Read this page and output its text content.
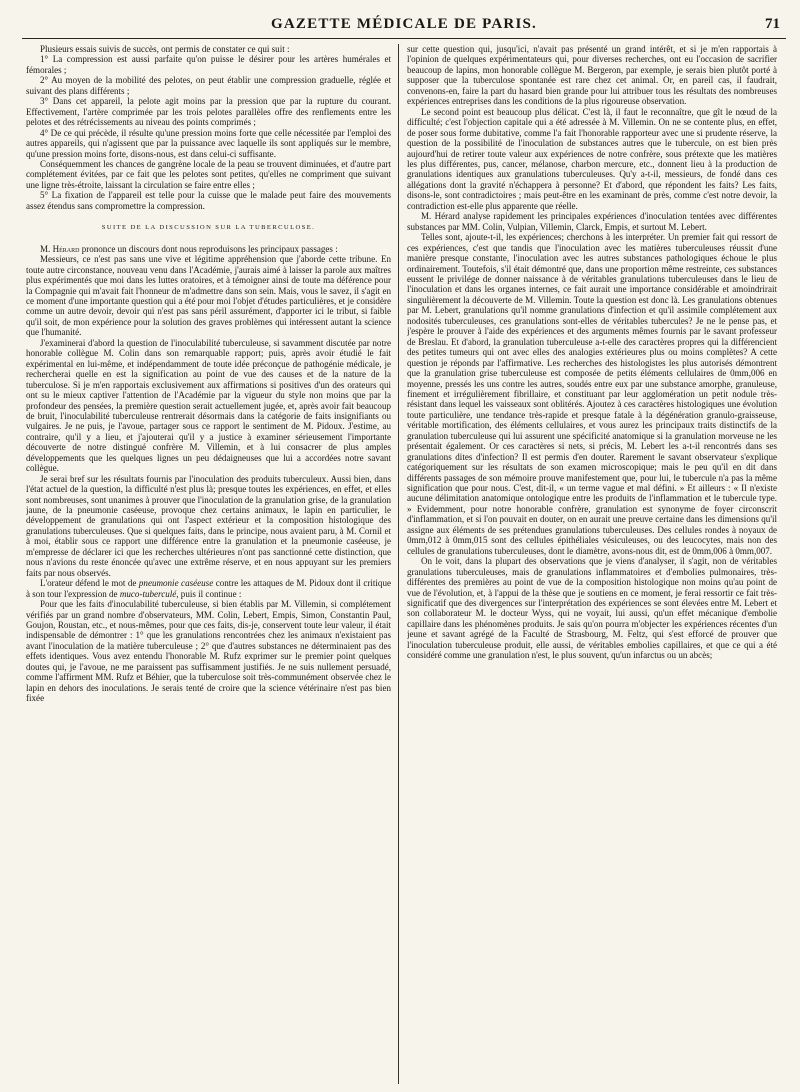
GAZETTE MÉDICALE DE PARIS.	71

Plusieurs essais suivis de succès, ont permis de constater ce qui suit :

1° La compression est aussi parfaite qu'on puisse le désirer pour les artères humérales et fémorales ;

2° Au moyen de la mobilité des pelotes, on peut établir une compression graduelle, réglée et suivant des plans différents ;

3° Dans cet appareil, la pelote agit moins par la pression que par la rupture du courant. Effectivement, l'artère comprimée par les trois pelotes parallèles offre des renflements entre les pelotes et des rétrécissements au niveau des points comprimés ;

4° De ce qui précède, il résulte qu'une pression moins forte que celle nécessitée par l'emploi des autres appareils, qui n'agissent que par la puissance avec laquelle ils sont appliqués sur le membre, qu'une pression moins forte, disons-nous, est dans celui-ci suffisante.

Conséquemment les chances de gangrène locale de la peau se trouvent diminuées, et d'autre part complétement évitées, par ce fait que les pelotes sont petites, qu'elles ne compriment que suivant une ligne très-étroite, laissant la circulation se faire entre elles ;

5° La fixation de l'appareil est telle pour la cuisse que le malade peut faire des mouvements assez étendus sans compromettre la compression.

SUITE DE LA DISCUSSION SUR LA TUBERCULOSE.

M. Hérard prononce un discours dont nous reproduisons les principaux passages :

Messieurs, ce n'est pas sans une vive et légitime appréhension que j'aborde cette tribune. En toute autre circonstance, nouveau venu dans l'Académie, j'aurais aimé à laisser la parole aux maîtres plus expérimentés que moi dans les luttes oratoires, et à témoigner ainsi de toute ma déférence pour la Compagnie qui m'avait fait l'honneur de m'admettre dans son sein. Mais, vous le savez, il s'agit en ce moment d'une importante question qui a été pour moi l'objet d'études particulières, et je considère comme un autre devoir, devoir qui n'est pas sans péril assurément, d'apporter ici le tribut, si faible qu'il soit, de mon expérience pour la solution des graves problèmes qui intéressent autant la science que l'humanité.

J'examinerai d'abord la question de l'inoculabilité tuberculeuse, si savamment discutée par notre honorable collègue M. Colin dans son remarquable rapport; puis, après avoir étudié le fait expérimental en lui-même, et indépendamment de toute idée préconçue de pathogénie médicale, je rechercherai quelle en est la signification au point de vue des causes et de la nature de la tuberculose. Si je m'en rapportais exclusivement aux affirmations si positives d'un des orateurs qui ont su le mieux captiver l'attention de l'Académie par la vigueur du style non moins que par la profondeur des pensées, la première question serait actuellement jugée, et, après avoir fait beaucoup de bruit, l'inoculabilité tuberculeuse rentrerait désormais dans la catégorie de faits insignifiants ou vulgaires. Je ne puis, je l'avoue, partager sous ce rapport le sentiment de M. Pidoux. J'estime, au contraire, qu'il y a lieu, et j'ajouterai qu'il y a justice à examiner sérieusement l'importante découverte de notre distingué confrère M. Villemin, et à lui consacrer de plus amples développements que les quelques lignes un peu dédaigneuses que lui a accordées notre savant collègue.

Je serai bref sur les résultats fournis par l'inoculation des produits tuberculeux. Aussi bien, dans l'état actuel de la question, la difficulté n'est plus là; presque toutes les expériences, en effet, et elles sont nombreuses, sont unanimes à prouver que l'inoculation de la granulation grise, de la granulation jaune, de la pneumonie caséeuse, provoque chez certains animaux, le lapin en particulier, le développement de granulations qui ont l'aspect extérieur et la composition histologique des granulations tuberculeuses. Que si quelques faits, dans le principe, nous avaient paru, à M. Cornil et à moi, établir sous ce rapport une différence entre la granulation et la pneumonie caséeuse, je m'empresse de déclarer ici que les recherches ultérieures n'ont pas sanctionné cette distinction, que nous n'avions du reste énoncée qu'avec une extrême réserve, et en nous appuyant sur les premiers faits par nous observés.

L'orateur défend le mot de pneumonie caséeuse contre les attaques de M. Pidoux dont il critique à son tour l'expression de muco-tuberculé, puis il continue :

Pour que les faits d'inoculabilité tuberculeuse, si bien établis par M. Villemin, si complétement vérifiés par un grand nombre d'observateurs, MM. Colin, Lebert, Empis, Simon, Constantin Paul, Goujon, Roustan, etc., et nous-mêmes, pour que ces faits, dis-je, conservent toute leur valeur, il était indispensable de démontrer : 1° que les granulations rencontrées chez les animaux n'existaient pas avant l'inoculation de la matière tuberculeuse ; 2° que d'autres substances ne déterminaient pas des effets identiques. Vous avez entendu l'honorable M. Rufz exprimer sur le premier point quelques doutes qui, je l'avoue, ne me paraissent pas suffisamment justifiés. Je ne suis nullement persuadé, comme l'affirment MM. Rufz et Béhier, que la tuberculose soit très-communément observée chez le lapin en dehors des inoculations. Je serais tenté de croire que la science vétérinaire n'est pas bien fixée

sur cette question qui, jusqu'ici, n'avait pas présenté un grand intérêt, et si je m'en rapportais à l'opinion de quelques expérimentateurs qui, pour diverses recherches, ont eu l'occasion de sacrifier beaucoup de lapins, mon honorable collègue M. Bergeron, par exemple, je serais bien plutôt porté à supposer que la tuberculose spontanée est rare chez cet animal. Or, en pareil cas, il faudrait, convenons-en, faire la part du hasard bien grande pour lui attribuer tous les résultats des nombreuses expériences entreprises dans les conditions de la plus rigoureuse observation.

Le second point est beaucoup plus délicat. C'est là, il faut le reconnaître, que gît le nœud de la difficulté; c'est l'objection capitale qui a été adressée à M. Villemin. On ne se contente plus, en effet, de poser sous forme dubitative, comme l'a fait l'honorable rapporteur avec une si prudente réserve, la question de la possibilité de l'inoculation de substances autres que le tubercule, on est bien près aujourd'hui de retirer toute valeur aux expériences de notre confrère, sous prétexte que les matières les plus différentes, pus, cancer, mélanose, charbon mercure, etc., donnent lieu à la production de granulations identiques aux granulations tuberculeuses. Qu'y a-t-il, messieurs, de fondé dans ces allégations dont la gravité n'échappera à personne? Et d'abord, que répondent les faits? Les faits, disons-le, sont contradictoires ; mais peut-être en les examinant de près, comme c'est notre devoir, la contradiction est-elle plus apparente que réelle.

M. Hérard analyse rapidement les principales expériences d'inoculation tentées avec différentes substances par MM. Colin, Vulpian, Villemin, Clarck, Empis, et surtout M. Lebert.

Telles sont, ajoute-t-il, les expériences; cherchons à les interpréter. Un premier fait qui ressort de ces expériences, c'est que tandis que l'inoculation avec les matières tuberculeuses réussit d'une manière presque constante, l'inoculation avec les autres substances pathologiques échoue le plus ordinairement. Toutefois, s'il était démontré que, dans une proportion même restreinte, ces substances eussent le privilége de donner naissance à de véritables granulations tuberculeuses dans le lieu de l'inoculation et dans les organes internes, ce fait aurait une importance considérable et amoindrirait singulièrement la découverte de M. Villemin. Toute la question est donc là. Les granulations obtenues par M. Lebert, granulations qu'il nomme granulations d'infection et qu'il assimile complétement aux nodosités tuberculeuses, ces granulations sont-elles de véritables tubercules? Je ne le pense pas, et j'espère le prouver à l'aide des expériences et des arguments mêmes fournis par le savant professeur de Breslau. Et d'abord, la granulation tuberculeuse a-t-elle des caractères propres qui la différencient des petites tumeurs qui ont avec elles des analogies extérieures plus ou moins complètes? A cette question je réponds par l'affirmative. Les recherches des histologistes les plus autorisés démontrent que la granulation grise tuberculeuse est composée de petits éléments cellulaires de 0mm,006 en moyenne, pressés les uns contre les autres, soudés entre eux par une substance amorphe, granuleuse, finement et irrégulièrement fibrillaire, et constituant par leur agglomération un petit nodule très-résistant dans lequel les vaisseaux sont oblitérés. Ajoutez à ces caractères histologiques une évolution toute particulière, une tendance très-rapide et presque fatale à la dégénération granulo-graisseuse, véritable mortification, des éléments cellulaires, et vous aurez les principaux traits distinctifs de la granulation tuberculeuse qui lui assurent une spécificité anatomique si la granulation morveuse ne les présentait également. Or ces caractères si nets, si précis, M. Lebert les a-t-il rencontrés dans ses granulations dites d'infection? Il est permis d'en douter. Rarement le savant observateur s'explique catégoriquement sur les résultats de son examen microscopique; mais le peu qu'il en dit dans différents passages de son mémoire prouve manifestement que, pour lui, le tubercule n'a pas la même signification que pour nous. C'est, dit-il, « un terme vague et mal défini. » Et ailleurs : « Il n'existe aucune délimitation anatomique ontologique entre les produits de l'inflammation et le tubercule type. » Evidemment, pour notre honorable confrère, granulation est synonyme de foyer circonscrit d'inflammation, et si l'on pouvait en douter, on en aurait une preuve certaine dans les dimensions qu'il assigne aux éléments de ses prétendues granulations tuberculeuses. Des cellules rondes à noyaux de 0mm,012 à 0mm,015 sont des cellules épithéliales vésiculeuses, ou des leucocytes, mais non des cellules de granulations tuberculeuses, dont le diamètre, avons-nous dit, est de 0mm,006 à 0mm,007.

On le voit, dans la plupart des observations que je viens d'analyser, il s'agit, non de véritables granulations tuberculeuses, mais de granulations inflammatoires et d'embolies pulmonaires, très-différentes des premières au point de vue de la composition histologique non moins qu'au point de vue de l'évolution, et, à l'appui de la thèse que je soutiens en ce moment, je ferai ressortir ce fait très-significatif que des divergences sur l'interprétation des expériences se sont élevées entre M. Lebert et son collaborateur M. le docteur Wyss, qui ne voyait, lui aussi, qu'un effet mécanique d'embolie capillaire dans les phénomènes produits. Je sais qu'on pourra m'objecter les expériences récentes d'un jeune et savant agrégé de la Faculté de Strasbourg, M. Feltz, qui s'est efforcé de prouver que l'inoculation tuberculeuse produit, elle aussi, de véritables embolies capillaires, et que ce qui a été considéré comme une granulation n'est, le plus souvent, qu'un infarctus ou un abcès;
